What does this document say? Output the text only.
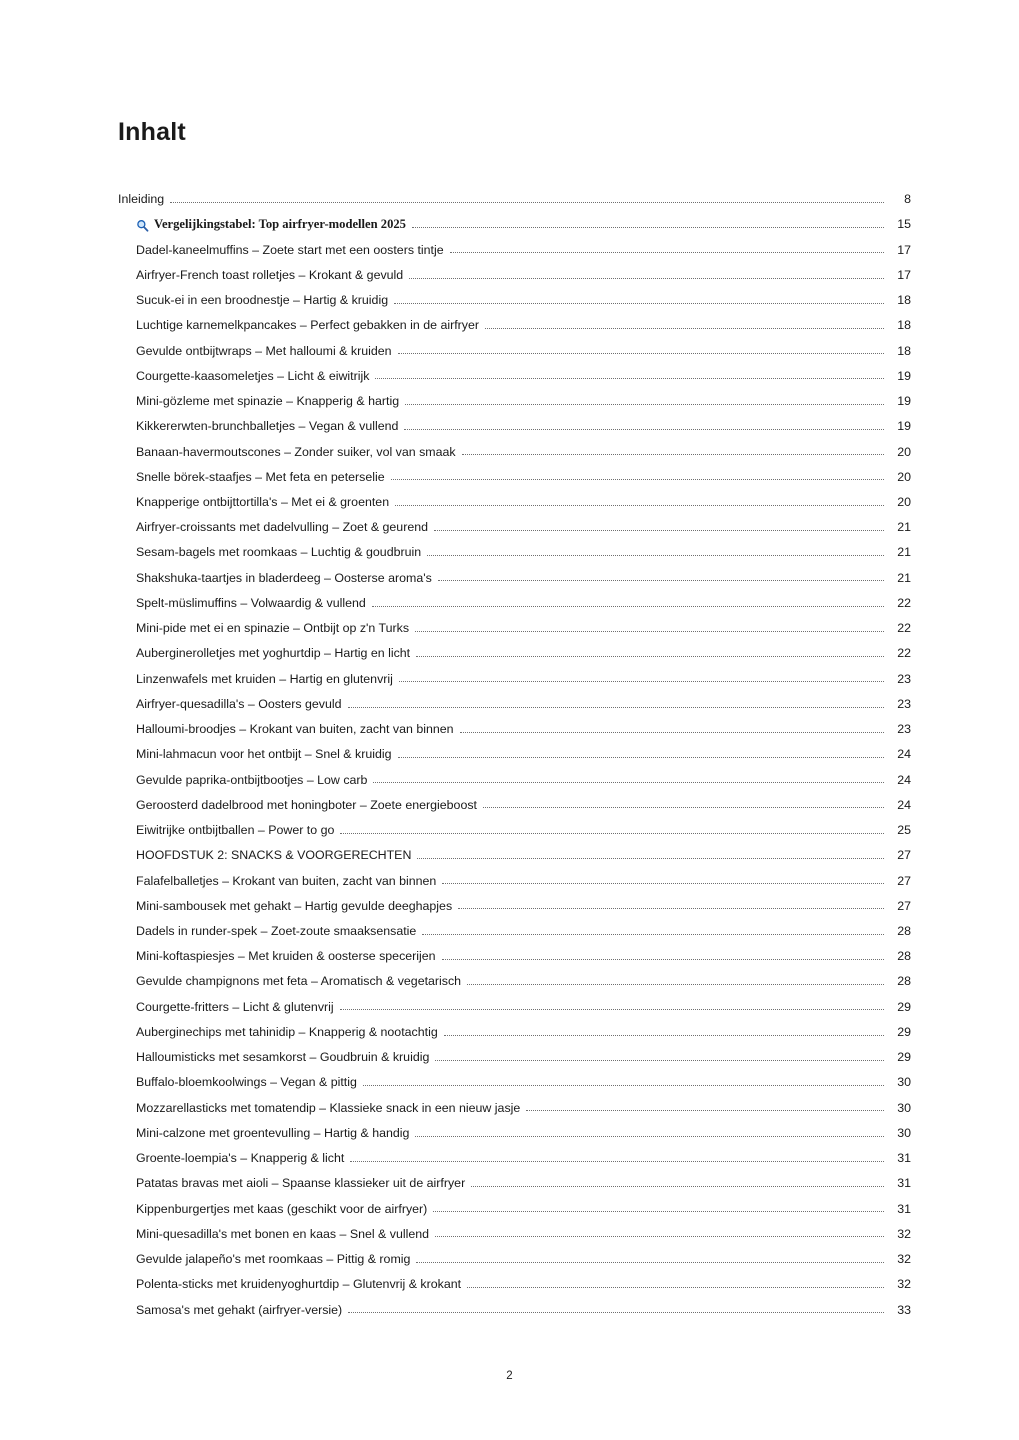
Inhalt
Inleiding	8
Vergelijkingstabel: Top airfryer-modellen 2025	15
Dadel-kaneelmuffins – Zoete start met een oosters tintje	17
Airfryer-French toast rolletjes – Krokant & gevuld	17
Sucuk-ei in een broodnestje – Hartig & kruidig	18
Luchtige karnemelkpancakes – Perfect gebakken in de airfryer	18
Gevulde ontbijtwraps – Met halloumi & kruiden	18
Courgette-kaasomeletjes – Licht & eiwitrijk	19
Mini-gözleme met spinazie – Knapperig & hartig	19
Kikkererwten-brunchballetjes – Vegan & vullend	19
Banaan-havermoutscones – Zonder suiker, vol van smaak	20
Snelle börek-staafjes – Met feta en peterselie	20
Knapperige ontbijttortilla's – Met ei & groenten	20
Airfryer-croissants met dadelvulling – Zoet & geurend	21
Sesam-bagels met roomkaas – Luchtig & goudbruin	21
Shakshuka-taartjes in bladerdeeg – Oosterse aroma's	21
Spelt-müslimuffins – Volwaardig & vullend	22
Mini-pide met ei en spinazie – Ontbijt op z'n Turks	22
Auberginerolletjes met yoghurtdip – Hartig en licht	22
Linzenwafels met kruiden – Hartig en glutenvrij	23
Airfryer-quesadilla's – Oosters gevuld	23
Halloumi-broodjes – Krokant van buiten, zacht van binnen	23
Mini-lahmacun voor het ontbijt – Snel & kruidig	24
Gevulde paprika-ontbijtbootjes – Low carb	24
Geroosterd dadelbrood met honingboter – Zoete energieboost	24
Eiwitrijke ontbijtballen – Power to go	25
HOOFDSTUK 2: SNACKS & VOORGERECHTEN	27
Falafelballetjes – Krokant van buiten, zacht van binnen	27
Mini-sambousek met gehakt – Hartig gevulde deeghapjes	27
Dadels in runder-spek – Zoet-zoute smaaksensatie	28
Mini-koftaspiesjes – Met kruiden & oosterse specerijen	28
Gevulde champignons met feta – Aromatisch & vegetarisch	28
Courgette-fritters – Licht & glutenvrij	29
Auberginechips met tahinidip – Knapperig & nootachtig	29
Halloumisticks met sesamkorst – Goudbruin & kruidig	29
Buffalo-bloemkoolwings – Vegan & pittig	30
Mozzarellasticks met tomatendip – Klassieke snack in een nieuw jasje	30
Mini-calzone met groentevulling – Hartig & handig	30
Groente-loempia's – Knapperig & licht	31
Patatas bravas met aioli – Spaanse klassieker uit de airfryer	31
Kippenburgertjes met kaas (geschikt voor de airfryer)	31
Mini-quesadilla's met bonen en kaas – Snel & vullend	32
Gevulde jalapeño's met roomkaas – Pittig & romig	32
Polenta-sticks met kruidenyoghurtdip – Glutenvrij & krokant	32
Samosa's met gehakt (airfryer-versie)	33
2
